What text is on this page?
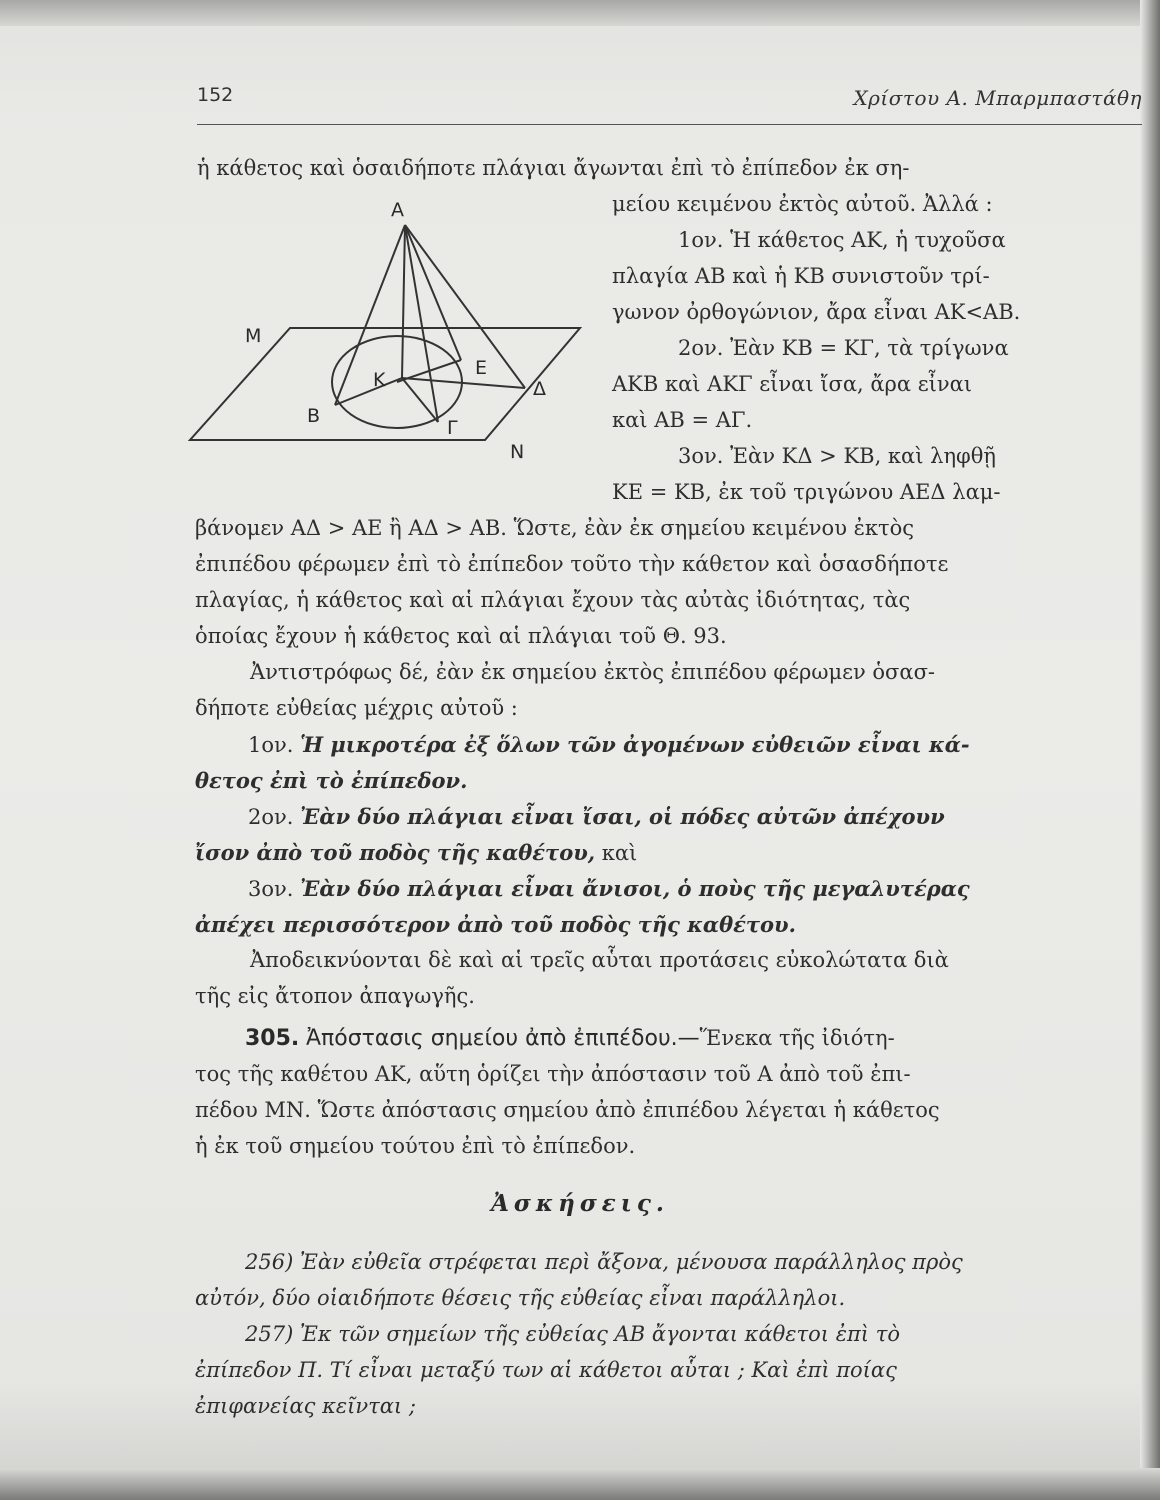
152	Χρίστου Α. Μπαρμπαστάθη
Α
Μ
Κ
Ε
Δ
Β
Γ
Ν
ἡ κάθετος καὶ ὁσαιδήποτε πλάγιαι ἄγωνται ἐπὶ τὸ ἐπίπεδον ἐκ ση-
μείου κειμένου ἐκτὸς αὐτοῦ. Ἀλλά :
1ον. Ἡ κάθετος ΑΚ, ἡ τυχοῦσα
πλαγία ΑΒ καὶ ἡ ΚΒ συνιστοῦν τρί-
γωνον ὀρθογώνιον, ἄρα εἶναι ΑΚ<ΑΒ.
2ον. Ἐὰν ΚΒ = ΚΓ, τὰ τρίγωνα
ΑΚΒ καὶ ΑΚΓ εἶναι ἴσα, ἄρα εἶναι
καὶ ΑΒ = ΑΓ.
3ον. Ἐὰν ΚΔ > ΚΒ, καὶ ληφθῇ
ΚΕ = ΚΒ, ἐκ τοῦ τριγώνου ΑΕΔ λαμ-
βάνομεν ΑΔ > ΑΕ ἢ ΑΔ > ΑΒ. Ὥστε, ἐὰν ἐκ σημείου κειμένου ἐκτὸς
ἐπιπέδου φέρωμεν ἐπὶ τὸ ἐπίπεδον τοῦτο τὴν κάθετον καὶ ὁσασδήποτε
πλαγίας, ἡ κάθετος καὶ αἱ πλάγιαι ἔχουν τὰς αὐτὰς ἰδιότητας, τὰς
ὁποίας ἔχουν ἡ κάθετος καὶ αἱ πλάγιαι τοῦ Θ. 93.
Ἀντιστρόφως δέ, ἐὰν ἐκ σημείου ἐκτὸς ἐπιπέδου φέρωμεν ὁσασ-
δήποτε εὐθείας μέχρις αὐτοῦ :
1ον. Ἡ μικροτέρα ἐξ ὅλων τῶν ἀγομένων εὐθειῶν εἶναι κά-
θετος ἐπὶ τὸ ἐπίπεδον.
2ον. Ἐὰν δύο πλάγιαι εἶναι ἴσαι, οἱ πόδες αὐτῶν ἀπέχουν
ἴσον ἀπὸ τοῦ ποδὸς τῆς καθέτου, καὶ
3ον. Ἐὰν δύο πλάγιαι εἶναι ἄνισοι, ὁ ποὺς τῆς μεγαλυτέρας
ἀπέχει περισσότερον ἀπὸ τοῦ ποδὸς τῆς καθέτου.
Ἀποδεικνύονται δὲ καὶ αἱ τρεῖς αὗται προτάσεις εὐκολώτατα διὰ
τῆς εἰς ἄτοπον ἀπαγωγῆς.
305. Ἀπόστασις σημείου ἀπὸ ἐπιπέδου.—Ἕνεκα τῆς ἰδιότη-
τος τῆς καθέτου ΑΚ, αὕτη ὁρίζει τὴν ἀπόστασιν τοῦ Α ἀπὸ τοῦ ἐπι-
πέδου ΜΝ. Ὥστε ἀπόστασις σημείου ἀπὸ ἐπιπέδου λέγεται ἡ κάθετος
ἡ ἐκ τοῦ σημείου τούτου ἐπὶ τὸ ἐπίπεδον.
Ἀσκήσεις.
256) Ἐὰν εὐθεῖα στρέφεται περὶ ἄξονα, μένουσα παράλληλος πρὸς
αὐτόν, δύο οἱαιδήποτε θέσεις τῆς εὐθείας εἶναι παράλληλοι.
257) Ἐκ τῶν σημείων τῆς εὐθείας ΑΒ ἄγονται κάθετοι ἐπὶ τὸ
ἐπίπεδον Π. Τί εἶναι μεταξύ των αἱ κάθετοι αὗται ; Καὶ ἐπὶ ποίας
ἐπιφανείας κεῖνται ;
